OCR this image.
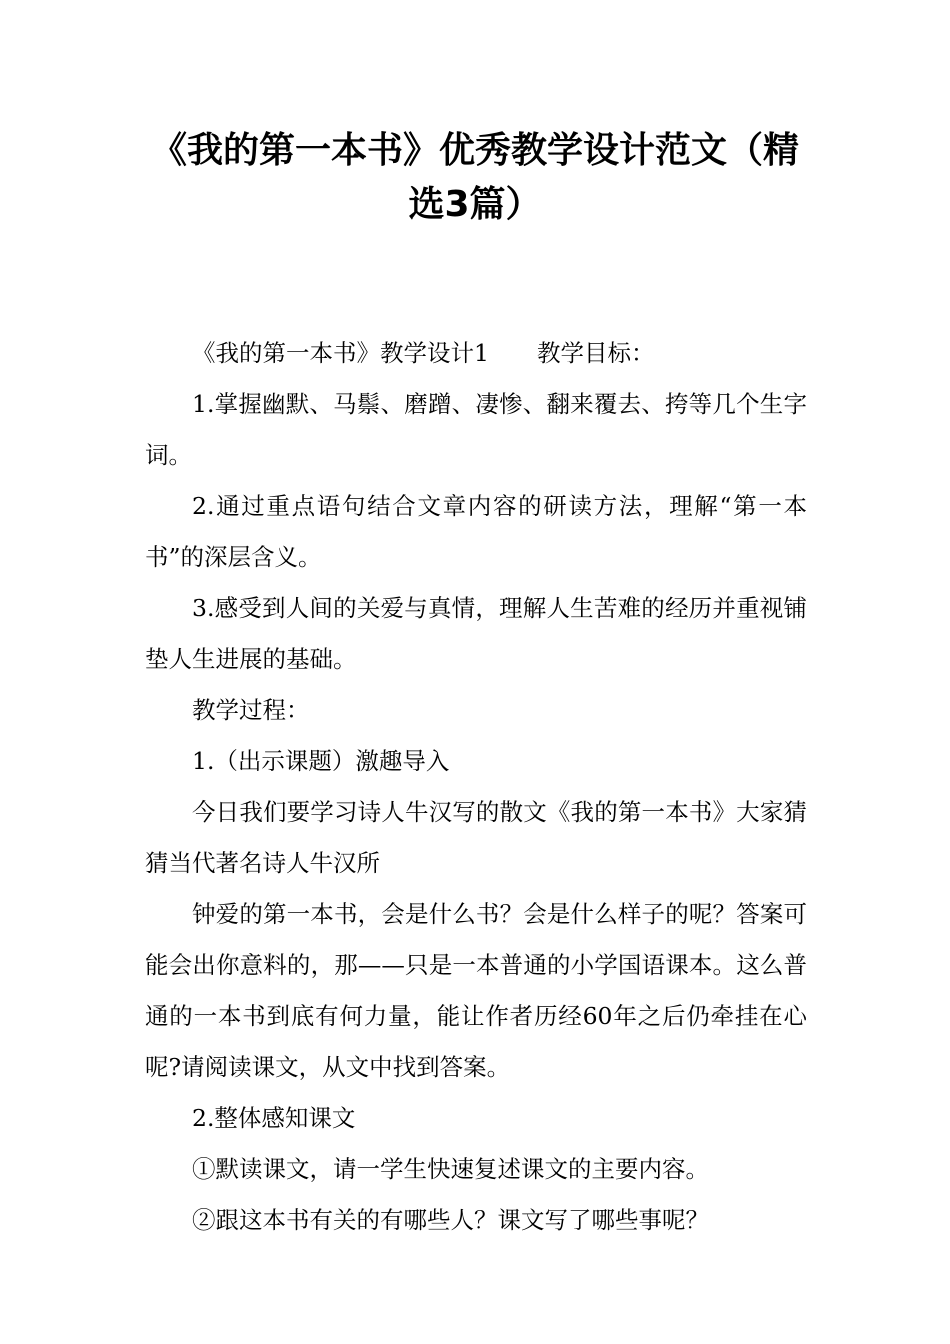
《我的第一本书》优秀教学设计范文（精
选3篇）

《我的第一本书》教学设计1 教学目标：

1.掌握幽默、马鬃、磨蹭、凄惨、翻来覆去、挎等几个生字词。

2.通过重点语句结合文章内容的研读方法，理解“第一本书”的深层含义。

3.感受到人间的关爱与真情，理解人生苦难的经历并重视铺垫人生进展的基础。

教学过程：

1.（出示课题）激趣导入

今日我们要学习诗人牛汉写的散文《我的第一本书》大家猜猜当代著名诗人牛汉所

钟爱的第一本书，会是什么书？会是什么样子的呢？答案可能会出你意料的，那——只是一本普通的小学国语课本。这么普通的一本书到底有何力量，能让作者历经60年之后仍牵挂在心呢?请阅读课文，从文中找到答案。

2.整体感知课文

①默读课文，请一学生快速复述课文的主要内容。

②跟这本书有关的有哪些人？课文写了哪些事呢？
